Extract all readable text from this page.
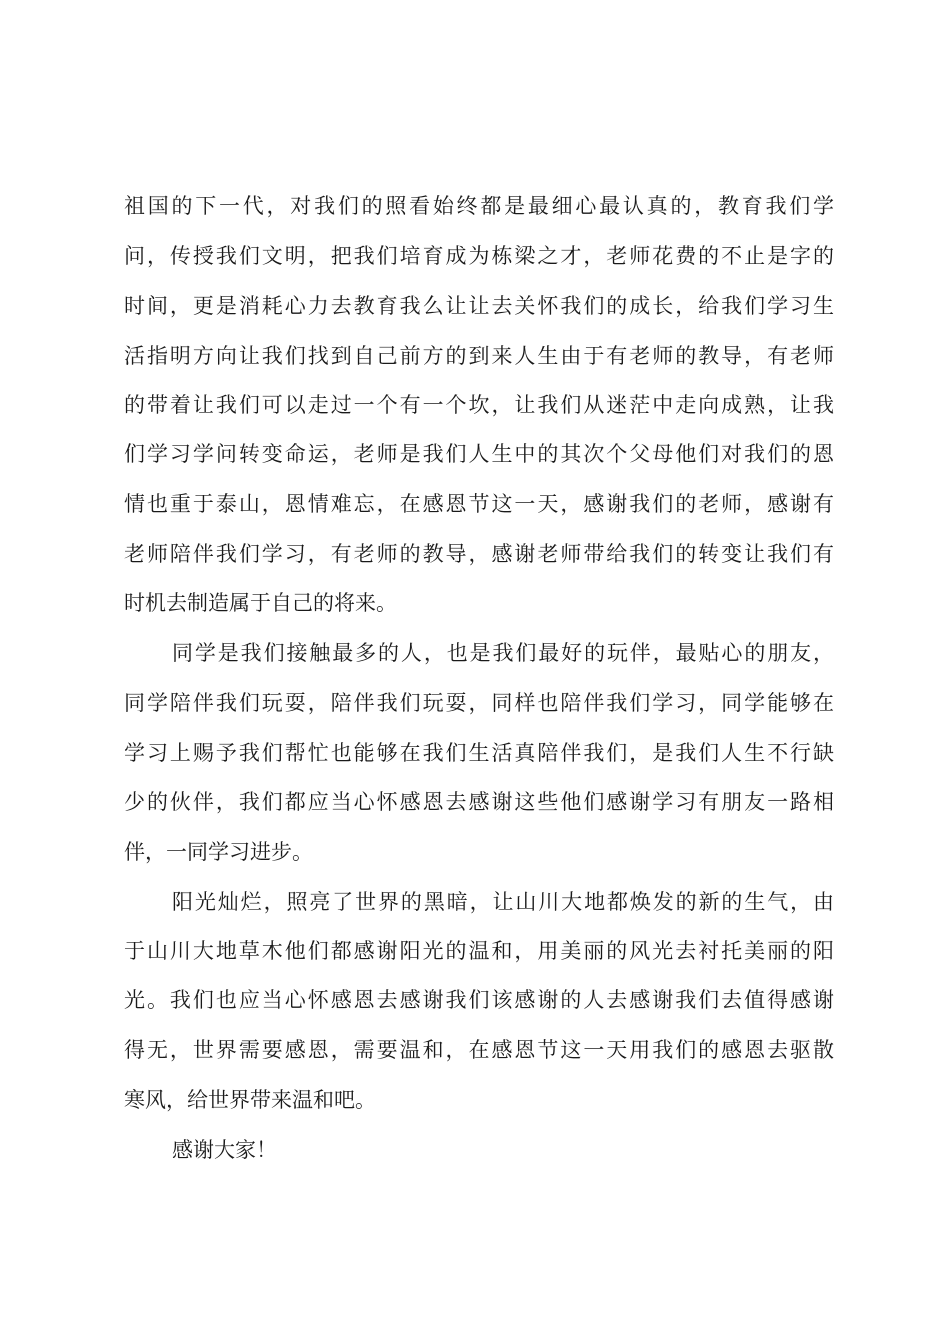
祖国的下一代，对我们的照看始终都是最细心最认真的，教育我们学
问，传授我们文明，把我们培育成为栋梁之才，老师花费的不止是字的
时间，更是消耗心力去教育我么让让去关怀我们的成长，给我们学习生
活指明方向让我们找到自己前方的到来人生由于有老师的教导，有老师
的带着让我们可以走过一个有一个坎，让我们从迷茫中走向成熟，让我
们学习学问转变命运，老师是我们人生中的其次个父母他们对我们的恩
情也重于泰山，恩情难忘，在感恩节这一天，感谢我们的老师，感谢有
老师陪伴我们学习，有老师的教导，感谢老师带给我们的转变让我们有
时机去制造属于自己的将来。
同学是我们接触最多的人，也是我们最好的玩伴，最贴心的朋友，
同学陪伴我们玩耍，陪伴我们玩耍，同样也陪伴我们学习，同学能够在
学习上赐予我们帮忙也能够在我们生活真陪伴我们，是我们人生不行缺
少的伙伴，我们都应当心怀感恩去感谢这些他们感谢学习有朋友一路相
伴，一同学习进步。
阳光灿烂，照亮了世界的黑暗，让山川大地都焕发的新的生气，由
于山川大地草木他们都感谢阳光的温和，用美丽的风光去衬托美丽的阳
光。我们也应当心怀感恩去感谢我们该感谢的人去感谢我们去值得感谢
得无，世界需要感恩，需要温和，在感恩节这一天用我们的感恩去驱散
寒风，给世界带来温和吧。
感谢大家！
